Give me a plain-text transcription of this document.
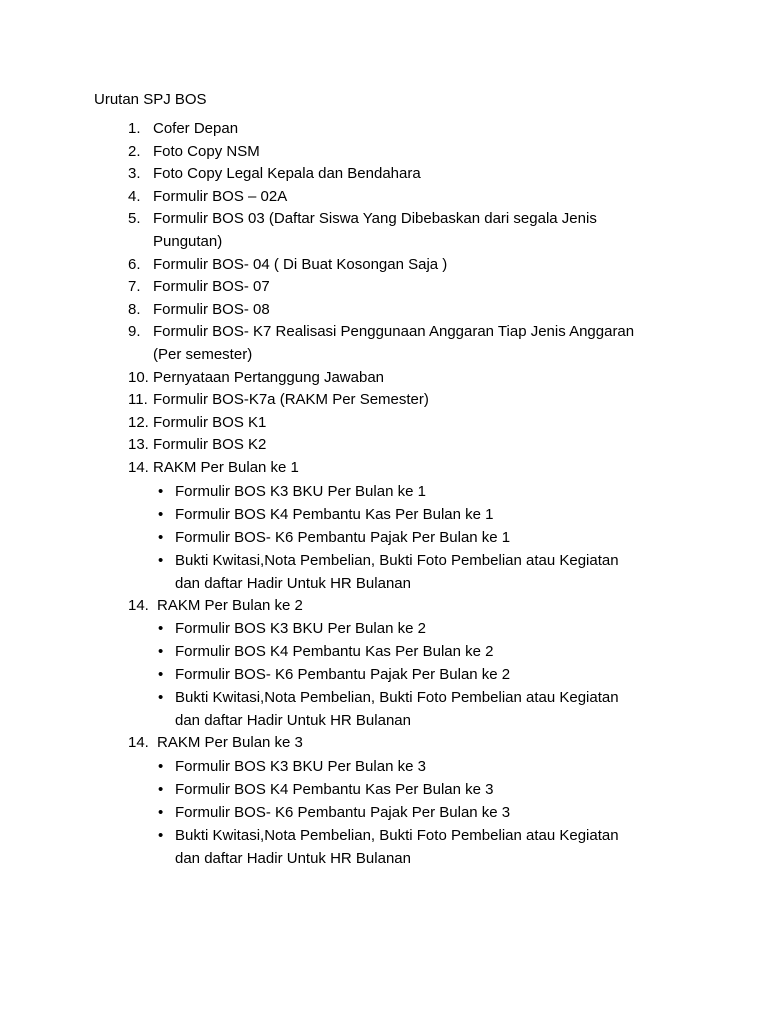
Urutan SPJ BOS
1. Cofer Depan
2. Foto Copy NSM
3. Foto Copy Legal Kepala dan Bendahara
4. Formulir BOS – 02A
5. Formulir BOS 03 (Daftar Siswa Yang Dibebaskan dari segala Jenis
Pungutan)
6. Formulir BOS- 04 ( Di Buat Kosongan Saja )
7. Formulir BOS- 07
8. Formulir BOS- 08
9. Formulir BOS- K7 Realisasi Penggunaan Anggaran Tiap Jenis Anggaran
(Per semester)
10. Pernyataan Pertanggung Jawaban
11. Formulir BOS-K7a (RAKM Per Semester)
12. Formulir BOS K1
13. Formulir BOS K2
14. RAKM Per Bulan ke 1
• Formulir BOS K3 BKU Per Bulan ke 1
• Formulir BOS K4 Pembantu Kas Per Bulan ke 1
• Formulir BOS- K6 Pembantu Pajak Per Bulan ke 1
• Bukti Kwitasi,Nota Pembelian, Bukti Foto Pembelian atau Kegiatan
dan daftar Hadir Untuk HR Bulanan
14. RAKM Per Bulan ke 2
• Formulir BOS K3 BKU Per Bulan ke 2
• Formulir BOS K4 Pembantu Kas Per Bulan ke 2
• Formulir BOS- K6 Pembantu Pajak Per Bulan ke 2
• Bukti Kwitasi,Nota Pembelian, Bukti Foto Pembelian atau Kegiatan
dan daftar Hadir Untuk HR Bulanan
14. RAKM Per Bulan ke 3
• Formulir BOS K3 BKU Per Bulan ke 3
• Formulir BOS K4 Pembantu Kas Per Bulan ke 3
• Formulir BOS- K6 Pembantu Pajak Per Bulan ke 3
• Bukti Kwitasi,Nota Pembelian, Bukti Foto Pembelian atau Kegiatan
dan daftar Hadir Untuk HR Bulanan
